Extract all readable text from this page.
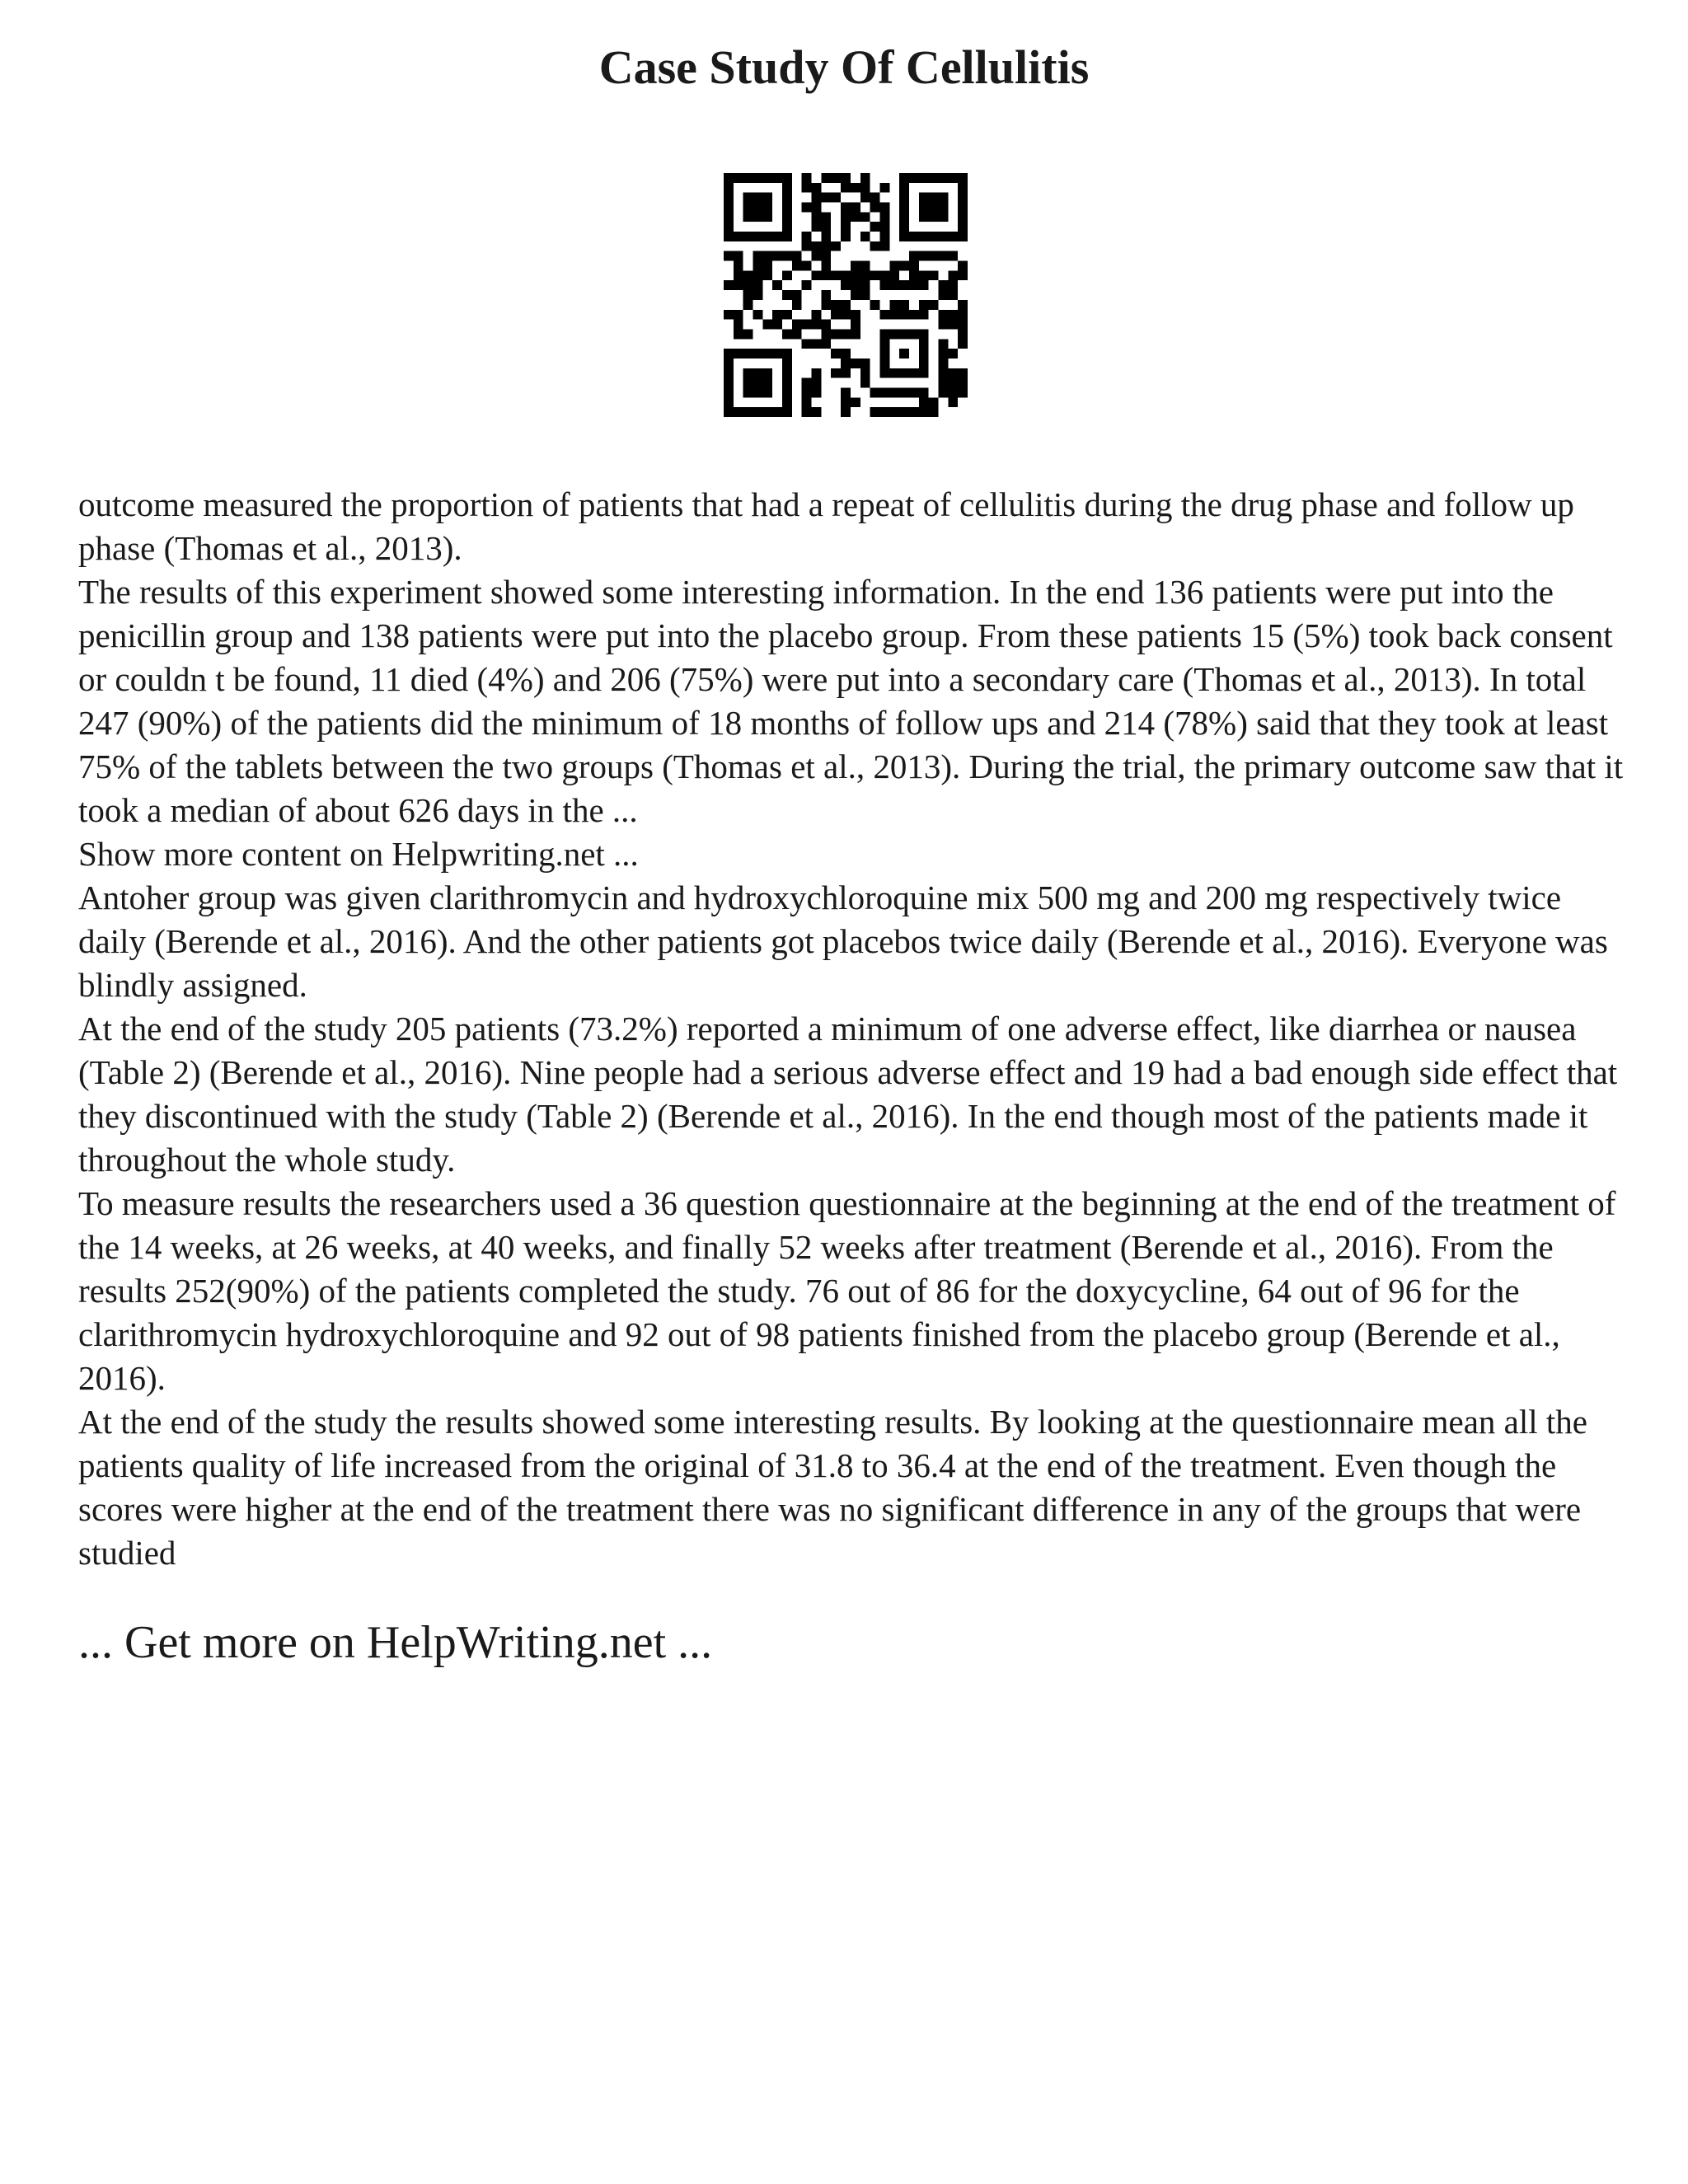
Case Study Of Cellulitis

outcome measured the proportion of patients that had a repeat of cellulitis during the drug phase and follow up phase (Thomas et al., 2013).

The results of this experiment showed some interesting information. In the end 136 patients were put into the penicillin group and 138 patients were put into the placebo group. From these patients 15 (5%) took back consent or couldn t be found, 11 died (4%) and 206 (75%) were put into a secondary care (Thomas et al., 2013). In total 247 (90%) of the patients did the minimum of 18 months of follow ups and 214 (78%) said that they took at least 75% of the tablets between the two groups (Thomas et al., 2013). During the trial, the primary outcome saw that it took a median of about 626 days in the ...

Show more content on Helpwriting.net ...

Antoher group was given clarithromycin and hydroxychloroquine mix 500 mg and 200 mg respectively twice daily (Berende et al., 2016). And the other patients got placebos twice daily (Berende et al., 2016). Everyone was blindly assigned.

At the end of the study 205 patients (73.2%) reported a minimum of one adverse effect, like diarrhea or nausea (Table 2) (Berende et al., 2016). Nine people had a serious adverse effect and 19 had a bad enough side effect that they discontinued with the study (Table 2) (Berende et al., 2016). In the end though most of the patients made it throughout the whole study.

To measure results the researchers used a 36 question questionnaire at the beginning at the end of the treatment of the 14 weeks, at 26 weeks, at 40 weeks, and finally 52 weeks after treatment (Berende et al., 2016). From the results 252(90%) of the patients completed the study. 76 out of 86 for the doxycycline, 64 out of 96 for the clarithromycin hydroxychloroquine and 92 out of 98 patients finished from the placebo group (Berende et al., 2016).

At the end of the study the results showed some interesting results. By looking at the questionnaire mean all the patients quality of life increased from the original of 31.8 to 36.4 at the end of the treatment. Even though the scores were higher at the end of the treatment there was no significant difference in any of the groups that were studied

... Get more on HelpWriting.net ...
